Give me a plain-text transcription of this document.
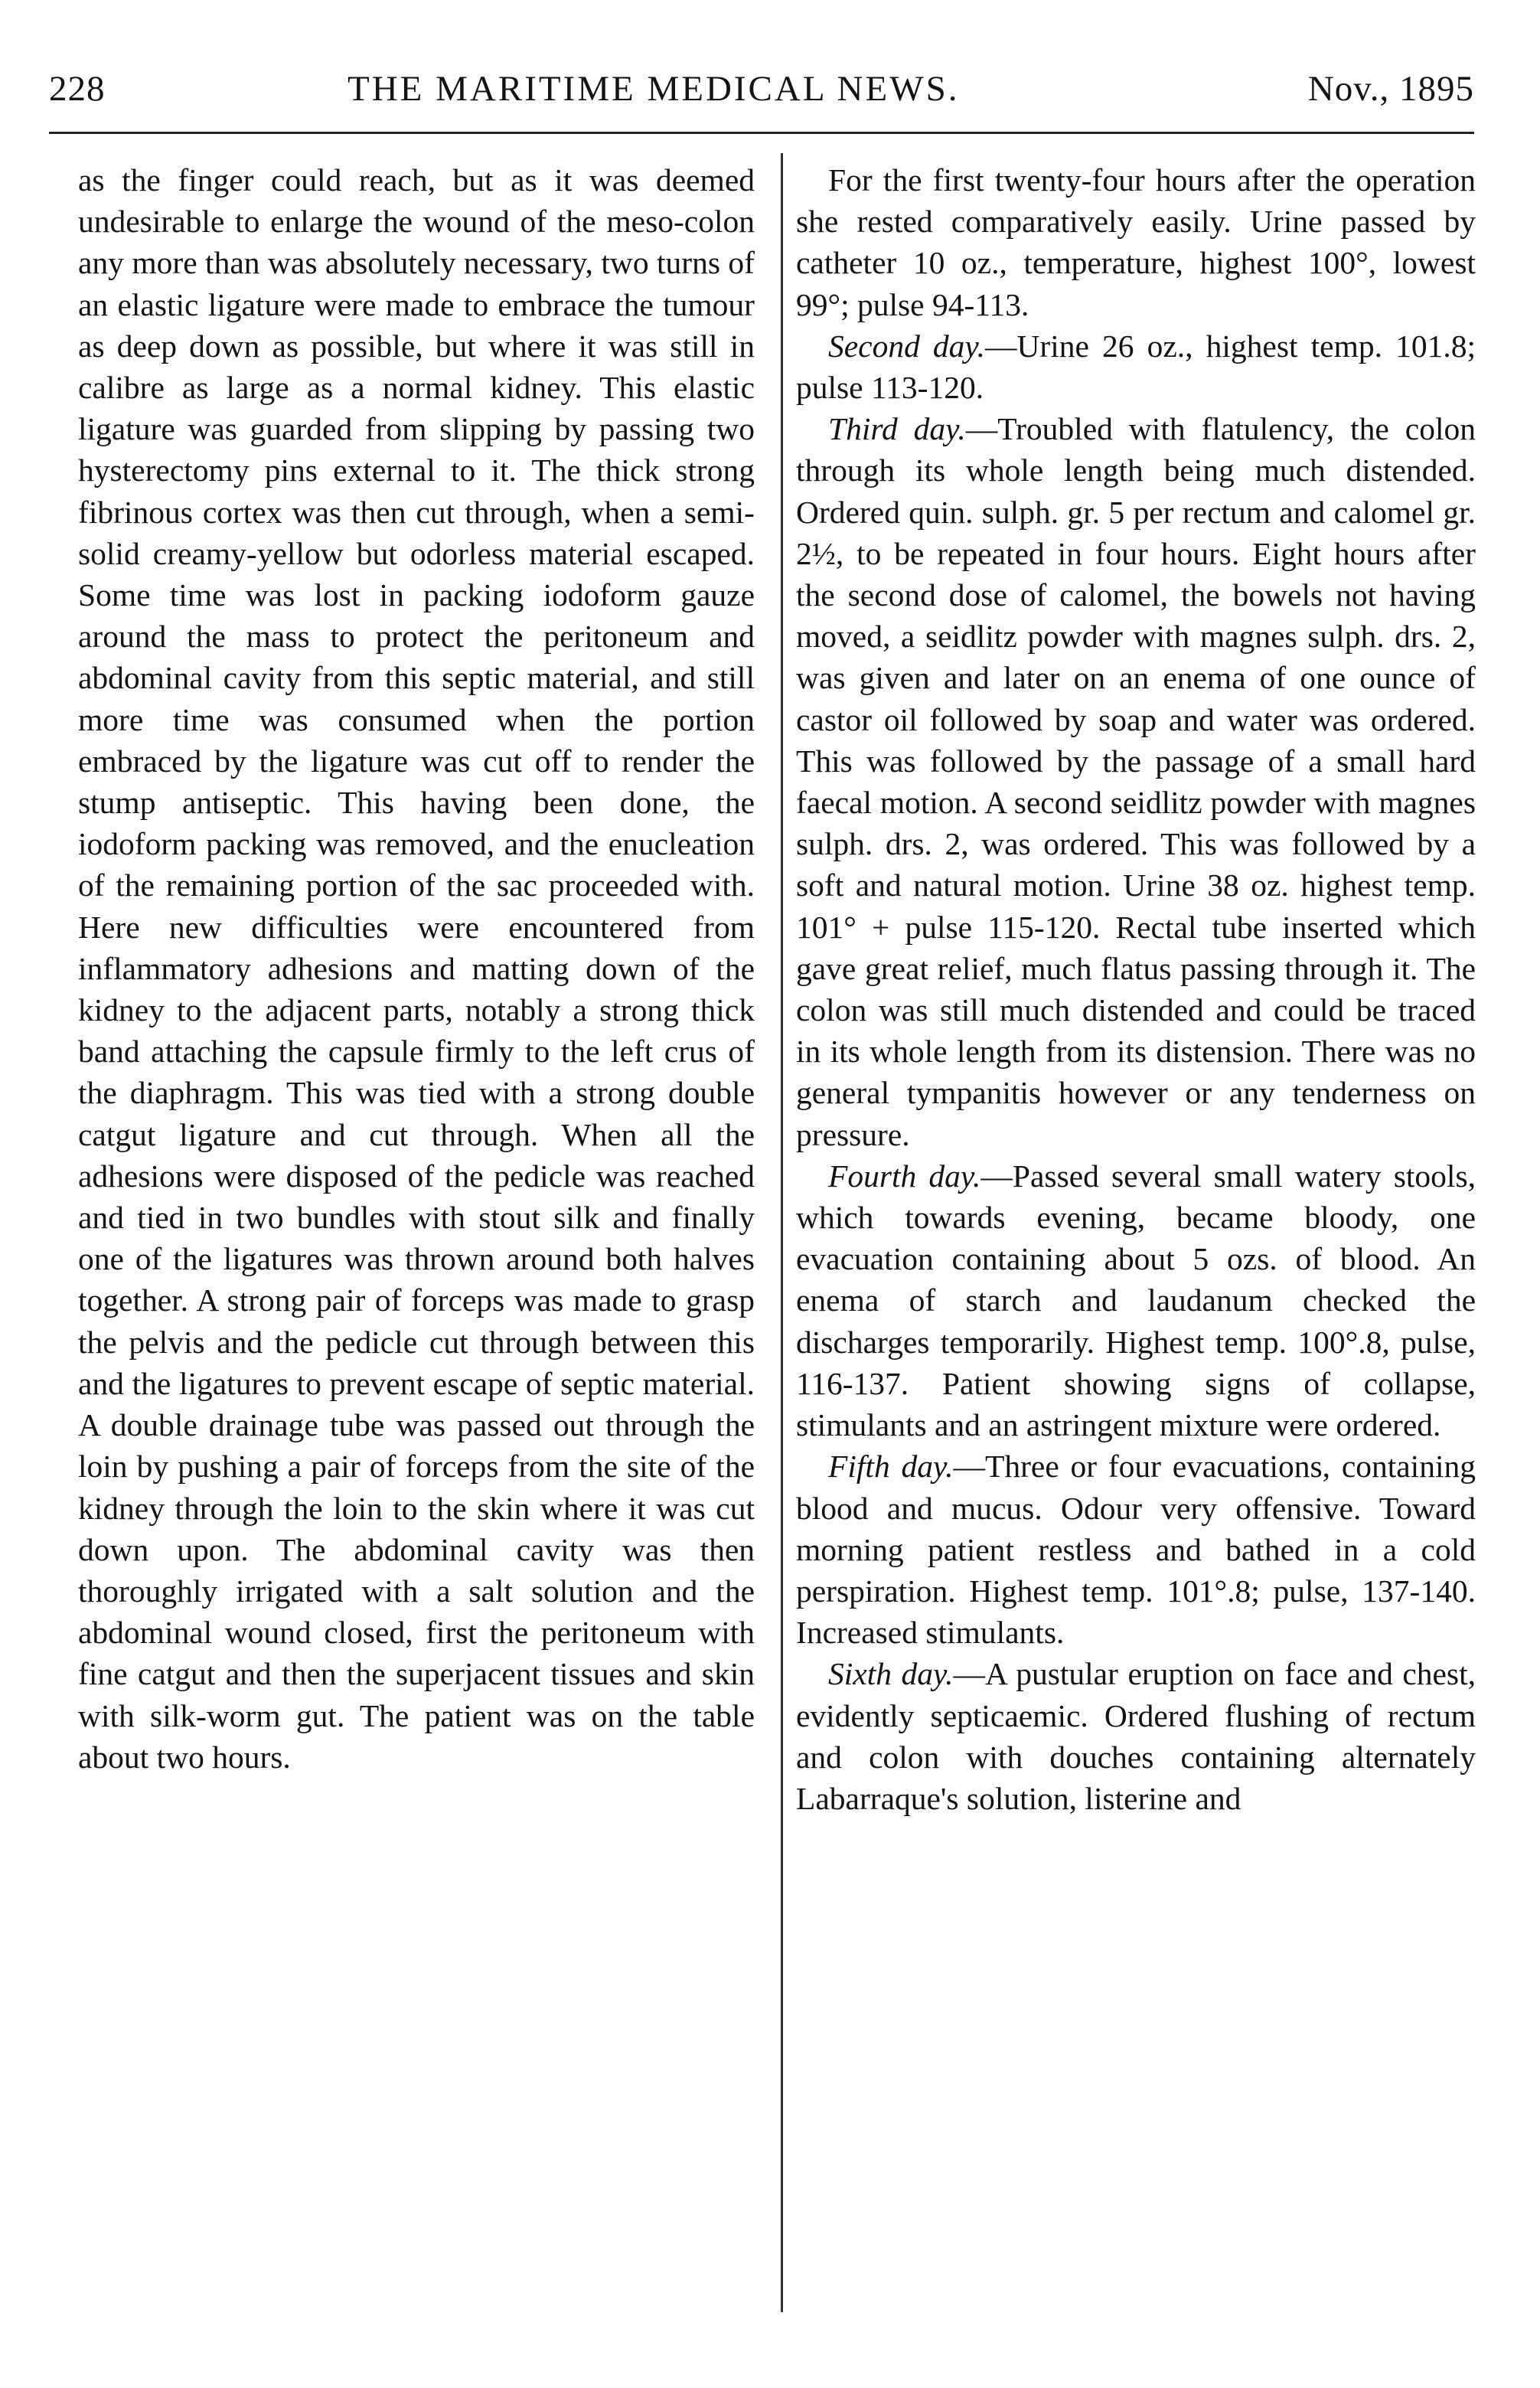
228	THE MARITIME MEDICAL NEWS.	Nov., 1895

as the finger could reach, but as it was deemed undesirable to enlarge the wound of the meso-colon any more than was absolutely necessary, two turns of an elastic ligature were made to embrace the tumour as deep down as possible, but where it was still in calibre as large as a normal kidney. This elastic ligature was guarded from slipping by passing two hysterectomy pins external to it. The thick strong fibrinous cortex was then cut through, when a semi-solid creamy-yellow but odorless material escaped. Some time was lost in packing iodoform gauze around the mass to protect the peritoneum and abdominal cavity from this septic material, and still more time was consumed when the portion embraced by the ligature was cut off to render the stump antiseptic. This having been done, the iodoform packing was removed, and the enucleation of the remaining portion of the sac proceeded with. Here new difficulties were encountered from inflammatory adhesions and matting down of the kidney to the adjacent parts, notably a strong thick band attaching the capsule firmly to the left crus of the diaphragm. This was tied with a strong double catgut ligature and cut through. When all the adhesions were disposed of the pedicle was reached and tied in two bundles with stout silk and finally one of the ligatures was thrown around both halves together. A strong pair of forceps was made to grasp the pelvis and the pedicle cut through between this and the ligatures to prevent escape of septic material. A double drainage tube was passed out through the loin by pushing a pair of forceps from the site of the kidney through the loin to the skin where it was cut down upon. The abdominal cavity was then thoroughly irrigated with a salt solution and the abdominal wound closed, first the peritoneum with fine catgut and then the superjacent tissues and skin with silk-worm gut. The patient was on the table about two hours.

For the first twenty-four hours after the operation she rested comparatively easily. Urine passed by catheter 10 oz., temperature, highest 100°, lowest 99°; pulse 94-113.

Second day.—Urine 26 oz., highest temp. 101.8; pulse 113-120.

Third day.—Troubled with flatulency, the colon through its whole length being much distended. Ordered quin. sulph. gr. 5 per rectum and calomel gr. 2½, to be repeated in four hours. Eight hours after the second dose of calomel, the bowels not having moved, a seidlitz powder with magnes sulph. drs. 2, was given and later on an enema of one ounce of castor oil followed by soap and water was ordered. This was followed by the passage of a small hard faecal motion. A second seidlitz powder with magnes sulph. drs. 2, was ordered. This was followed by a soft and natural motion. Urine 38 oz. highest temp. 101° + pulse 115-120. Rectal tube inserted which gave great relief, much flatus passing through it. The colon was still much distended and could be traced in its whole length from its distension. There was no general tympanitis however or any tenderness on pressure.

Fourth day.—Passed several small watery stools, which towards evening, became bloody, one evacuation containing about 5 ozs. of blood. An enema of starch and laudanum checked the discharges temporarily. Highest temp. 100°.8, pulse, 116-137. Patient showing signs of collapse, stimulants and an astringent mixture were ordered.

Fifth day.—Three or four evacuations, containing blood and mucus. Odour very offensive. Toward morning patient restless and bathed in a cold perspiration. Highest temp. 101°.8; pulse, 137-140. Increased stimulants.

Sixth day.—A pustular eruption on face and chest, evidently septicaemic. Ordered flushing of rectum and colon with douches containing alternately Labarraque's solution, listerine and
